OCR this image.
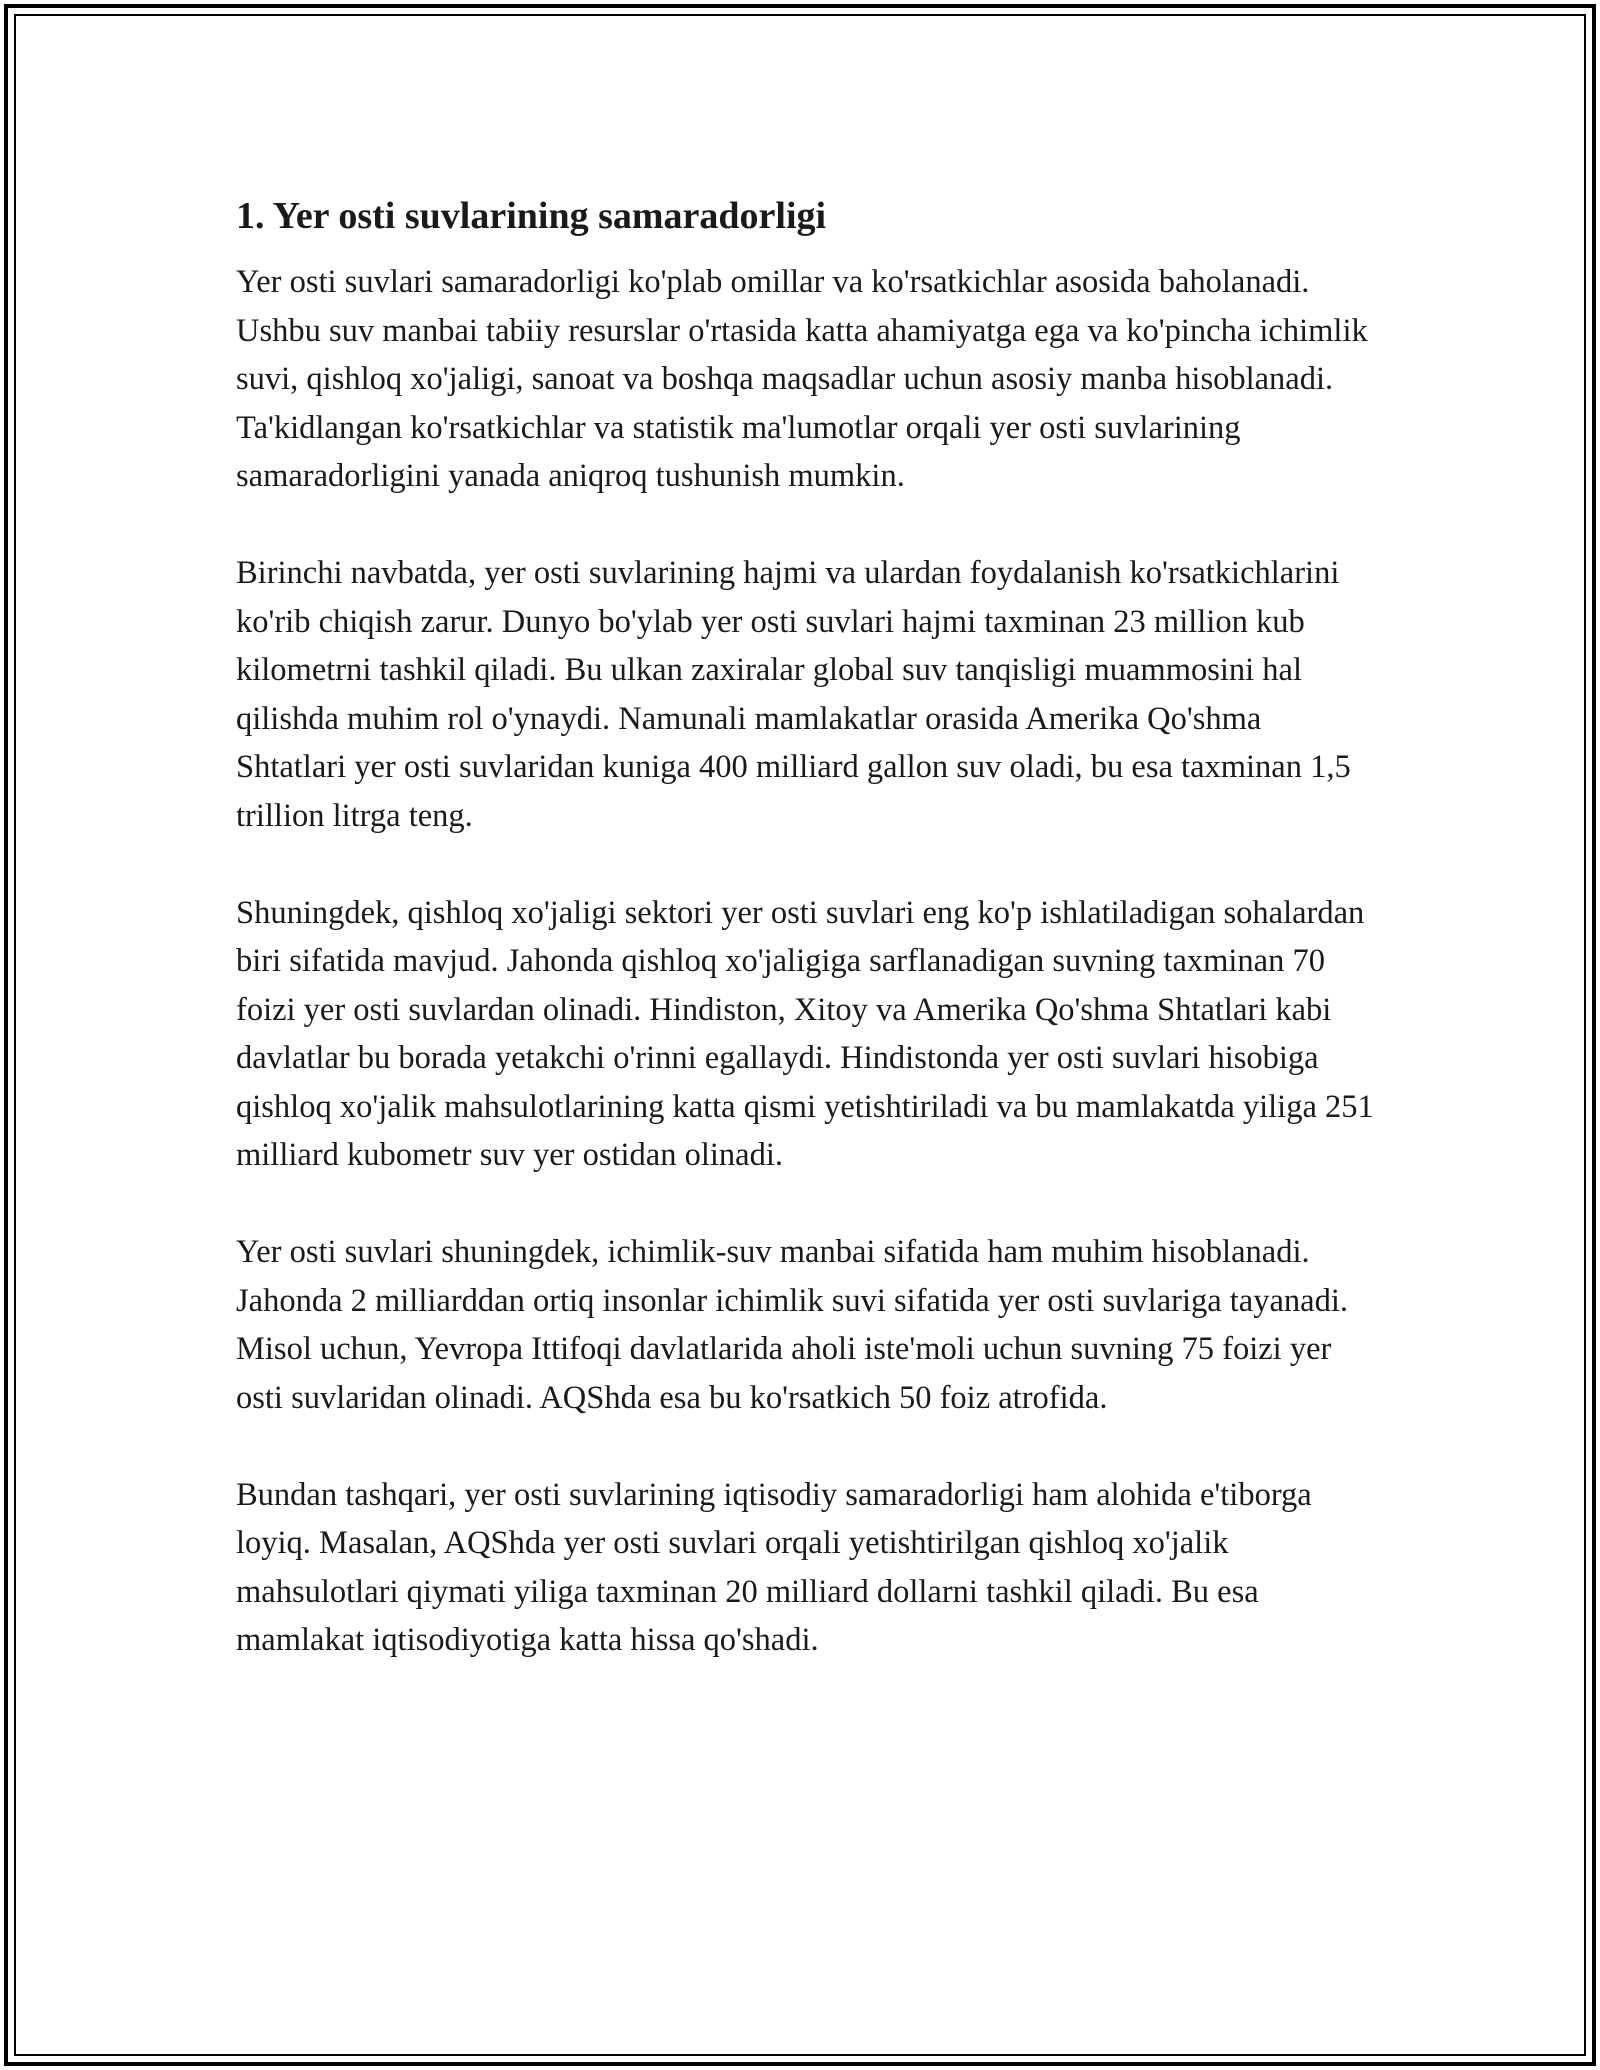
1. Yer osti suvlarining samaradorligi

Yer osti suvlari samaradorligi ko'plab omillar va ko'rsatkichlar asosida baholanadi. Ushbu suv manbai tabiiy resurslar o'rtasida katta ahamiyatga ega va ko'pincha ichimlik suvi, qishloq xo'jaligi, sanoat va boshqa maqsadlar uchun asosiy manba hisoblanadi. Ta'kidlangan ko'rsatkichlar va statistik ma'lumotlar orqali yer osti suvlarining samaradorligini yanada aniqroq tushunish mumkin.

Birinchi navbatda, yer osti suvlarining hajmi va ulardan foydalanish ko'rsatkichlarini ko'rib chiqish zarur. Dunyo bo'ylab yer osti suvlari hajmi taxminan 23 million kub kilometrni tashkil qiladi. Bu ulkan zaxiralar global suv tanqisligi muammosini hal qilishda muhim rol o'ynaydi. Namunali mamlakatlar orasida Amerika Qo'shma Shtatlari yer osti suvlaridan kuniga 400 milliard gallon suv oladi, bu esa taxminan 1,5 trillion litrga teng.

Shuningdek, qishloq xo'jaligi sektori yer osti suvlari eng ko'p ishlatiladigan sohalardan biri sifatida mavjud. Jahonda qishloq xo'jaligiga sarflanadigan suvning taxminan 70 foizi yer osti suvlardan olinadi. Hindiston, Xitoy va Amerika Qo'shma Shtatlari kabi davlatlar bu borada yetakchi o'rinni egallaydi. Hindistonda yer osti suvlari hisobiga qishloq xo'jalik mahsulotlarining katta qismi yetishtiriladi va bu mamlakatda yiliga 251 milliard kubometr suv yer ostidan olinadi.

Yer osti suvlari shuningdek, ichimlik-suv manbai sifatida ham muhim hisoblanadi. Jahonda 2 milliarddan ortiq insonlar ichimlik suvi sifatida yer osti suvlariga tayanadi. Misol uchun, Yevropa Ittifoqi davlatlarida aholi iste'moli uchun suvning 75 foizi yer osti suvlaridan olinadi. AQShda esa bu ko'rsatkich 50 foiz atrofida.

Bundan tashqari, yer osti suvlarining iqtisodiy samaradorligi ham alohida e'tiborga loyiq. Masalan, AQShda yer osti suvlari orqali yetishtirilgan qishloq xo'jalik mahsulotlari qiymati yiliga taxminan 20 milliard dollarni tashkil qiladi. Bu esa mamlakat iqtisodiyotiga katta hissa qo'shadi.
